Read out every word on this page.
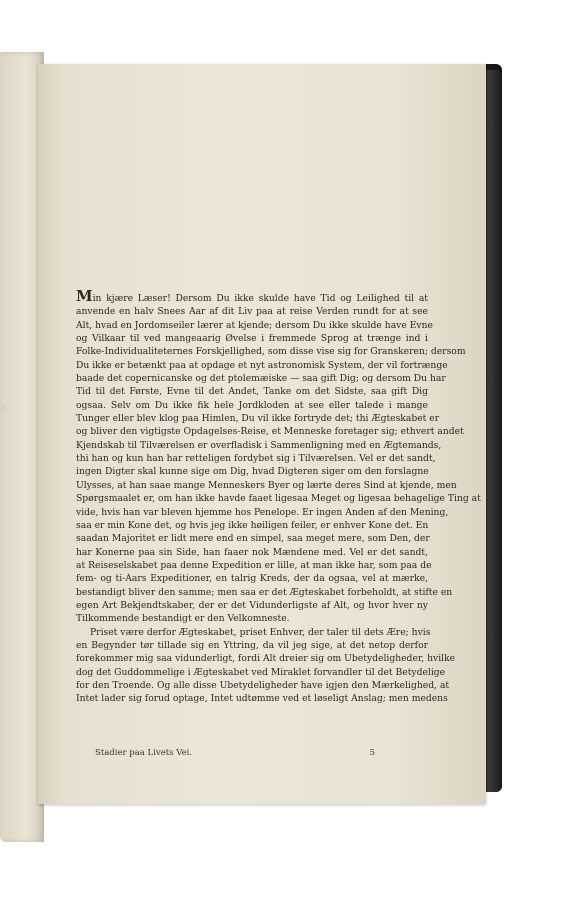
“
Min kjære Læser! Dersom Du ikke skulde have Tid og Leilighed til at
anvende en halv Snees Aar af dit Liv paa at reise Verden rundt for at see
Alt, hvad en Jordomseiler lærer at kjende; dersom Du ikke skulde have Evne
og Vilkaar til ved mangeaarig Øvelse i fremmede Sprog at trænge ind i
Folke-Individualiteternes Forskjellighed, som disse vise sig for Granskeren; dersom
Du ikke er betænkt paa at opdage et nyt astronomisk System, der vil fortrænge
baade det copernicanske og det ptolemæiske — saa gift Dig; og dersom Du har
Tid til det Første, Evne til det Andet, Tanke om det Sidste, saa gift Dig
ogsaa. Selv om Du ikke fik hele Jordkloden at see eller talede i mange
Tunger eller blev klog paa Himlen, Du vil ikke fortryde det; thi Ægteskabet er
og bliver den vigtigste Opdagelses-Reise, et Menneske foretager sig; ethvert andet
Kjendskab til Tilværelsen er overfladisk i Sammenligning med en Ægtemands,
thi han og kun han har retteligen fordybet sig i Tilværelsen. Vel er det sandt,
ingen Digter skal kunne sige om Dig, hvad Digteren siger om den forslagne
Ulysses, at han saae mange Menneskers Byer og lærte deres Sind at kjende, men
Spørgsmaalet er, om han ikke havde faaet ligesaa Meget og ligesaa behagelige Ting at
vide, hvis han var bleven hjemme hos Penelope. Er ingen Anden af den Mening,
saa er min Kone det, og hvis jeg ikke høiligen feiler, er enhver Kone det. En
saadan Majoritet er lidt mere end en simpel, saa meget mere, som Den, der
har Konerne paa sin Side, han faaer nok Mændene med. Vel er det sandt,
at Reiseselskabet paa denne Expedition er lille, at man ikke har, som paa de
fem- og ti-Aars Expeditioner, en talrig Kreds, der da ogsaa, vel at mærke,
bestandigt bliver den samme; men saa er det Ægteskabet forbeholdt, at stifte en
egen Art Bekjendtskaber, der er det Vidunderligste af Alt, og hvor hver ny
Tilkommende bestandigt er den Velkomneste.
Priset være derfor Ægteskabet, priset Enhver, der taler til dets Ære; hvis
en Begynder tør tillade sig en Yttring, da vil jeg sige, at det netop derfor
forekommer mig saa vidunderligt, fordi Alt dreier sig om Ubetydeligheder, hvilke
dog det Guddommelige i Ægteskabet ved Miraklet forvandler til det Betydelige
for den Troende. Og alle disse Ubetydeligheder have igjen den Mærkelighed, at
Intet lader sig forud optage, Intet udtømme ved et løseligt Anslag; men medens
Stadier paa Livets Vei.	5
